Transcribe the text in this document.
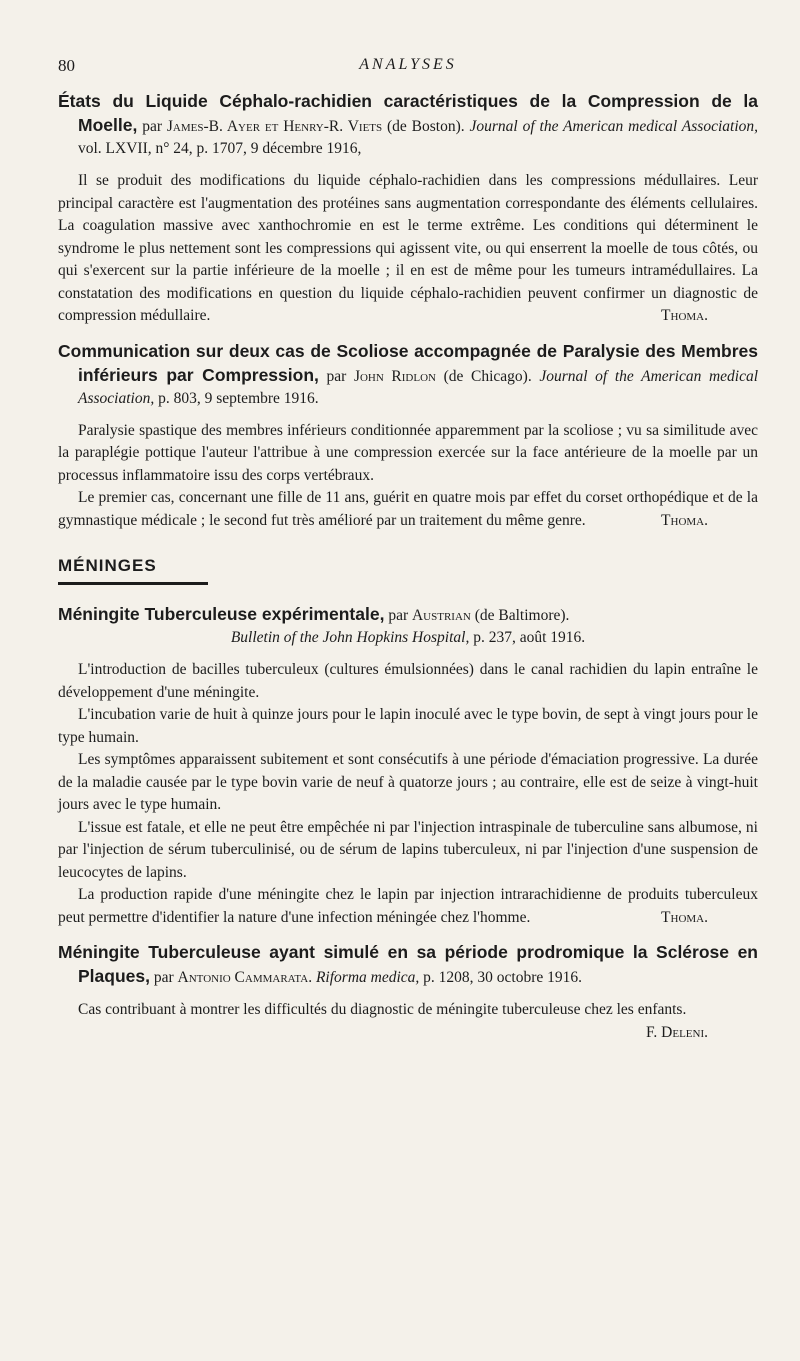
80	ANALYSES

États du Liquide Céphalo-rachidien caractéristiques de la Compression de la Moelle, par James-B. Ayer et Henry-R. Viets (de Boston). Journal of the American medical Association, vol. LXVII, n° 24, p. 1707, 9 décembre 1916,

Il se produit des modifications du liquide céphalo-rachidien dans les compressions médullaires. Leur principal caractère est l'augmentation des protéines sans augmentation correspondante des éléments cellulaires. La coagulation massive avec xanthochromie en est le terme extrême. Les conditions qui déterminent le syndrome le plus nettement sont les compressions qui agissent vite, ou qui enserrent la moelle de tous côtés, ou qui s'exercent sur la partie inférieure de la moelle ; il en est de même pour les tumeurs intramédullaires. La constatation des modifications en question du liquide céphalo-rachidien peuvent confirmer un diagnostic de compression médullaire.	Thoma.

Communication sur deux cas de Scoliose accompagnée de Paralysie des Membres inférieurs par Compression, par John Ridlon (de Chicago). Journal of the American medical Association, p. 803, 9 septembre 1916.

Paralysie spastique des membres inférieurs conditionnée apparemment par la scoliose ; vu sa similitude avec la paraplégie pottique l'auteur l'attribue à une compression exercée sur la face antérieure de la moelle par un processus inflammatoire issu des corps vertébraux.

Le premier cas, concernant une fille de 11 ans, guérit en quatre mois par effet du corset orthopédique et de la gymnastique médicale ; le second fut très amélioré par un traitement du même genre.	Thoma.

MÉNINGES

Méningite Tuberculeuse expérimentale, par Austrian (de Baltimore).
Bulletin of the John Hopkins Hospital, p. 237, août 1916.

L'introduction de bacilles tuberculeux (cultures émulsionnées) dans le canal rachidien du lapin entraîne le développement d'une méningite.

L'incubation varie de huit à quinze jours pour le lapin inoculé avec le type bovin, de sept à vingt jours pour le type humain.

Les symptômes apparaissent subitement et sont consécutifs à une période d'émaciation progressive. La durée de la maladie causée par le type bovin varie de neuf à quatorze jours ; au contraire, elle est de seize à vingt-huit jours avec le type humain.

L'issue est fatale, et elle ne peut être empêchée ni par l'injection intraspinale de tuberculine sans albumose, ni par l'injection de sérum tuberculinisé, ou de sérum de lapins tuberculeux, ni par l'injection d'une suspension de leucocytes de lapins.

La production rapide d'une méningite chez le lapin par injection intrarachidienne de produits tuberculeux peut permettre d'identifier la nature d'une infection méningée chez l'homme.	Thoma.

Méningite Tuberculeuse ayant simulé en sa période prodromique la Sclérose en Plaques, par Antonio Cammarata. Riforma medica, p. 1208, 30 octobre 1916.

Cas contribuant à montrer les difficultés du diagnostic de méningite tuberculeuse chez les enfants.
F. Deleni.
